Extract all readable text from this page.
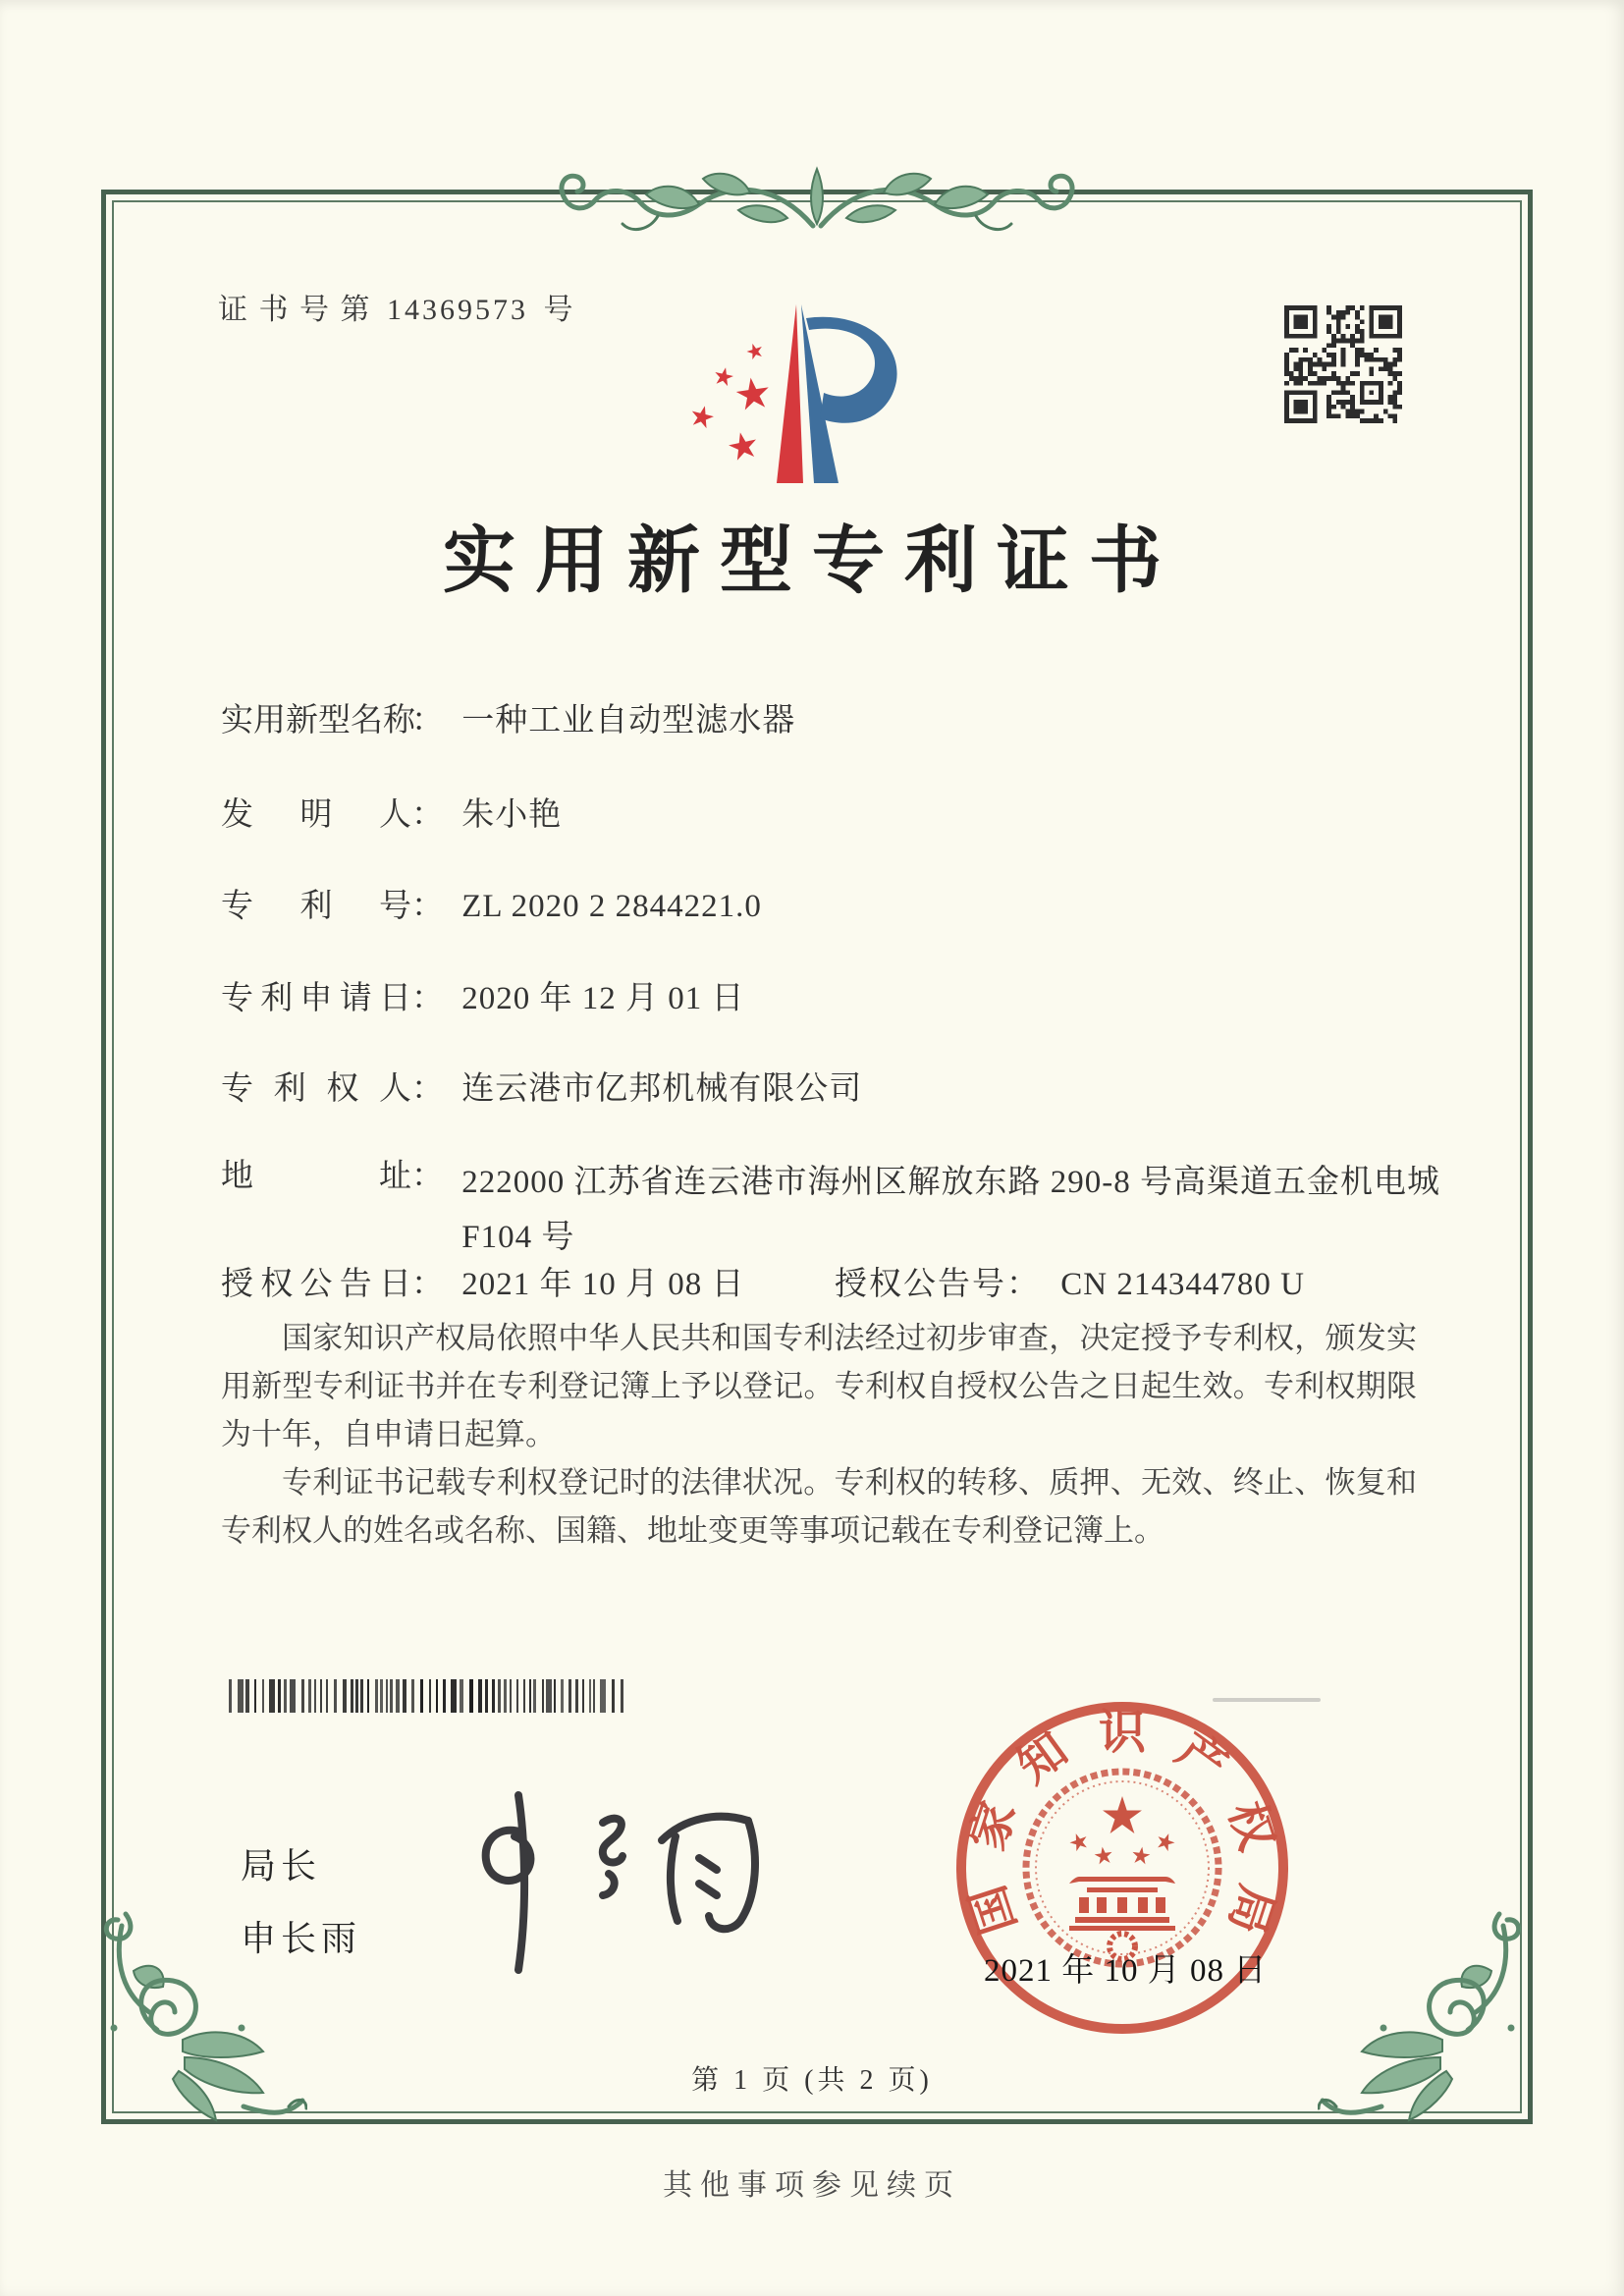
证 书 号 第 14369573 号
实用新型专利证书
实用新型名称： 一种工业自动型滤水器
发明人： 朱小艳
专利号： ZL 2020 2 2844221.0
专利申请日： 2020 年 12 月 01 日
专利权人： 连云港市亿邦机械有限公司
地址： 222000 江苏省连云港市海州区解放东路 290-8 号高渠道五金机电城 F104 号
授权公告日： 2021 年 10 月 08 日	授权公告号： CN 214344780 U

国家知识产权局依照中华人民共和国专利法经过初步审查，决定授予专利权，颁发实用新型专利证书并在专利登记簿上予以登记。专利权自授权公告之日起生效。专利权期限为十年，自申请日起算。

专利证书记载专利权登记时的法律状况。专利权的转移、质押、无效、终止、恢复和专利权人的姓名或名称、国籍、地址变更等事项记载在专利登记簿上。

局长
申长雨	国
家
知 识 产
权
局
2021 年 10 月 08 日
第 1 页 (共 2 页)
其他事项参见续页
